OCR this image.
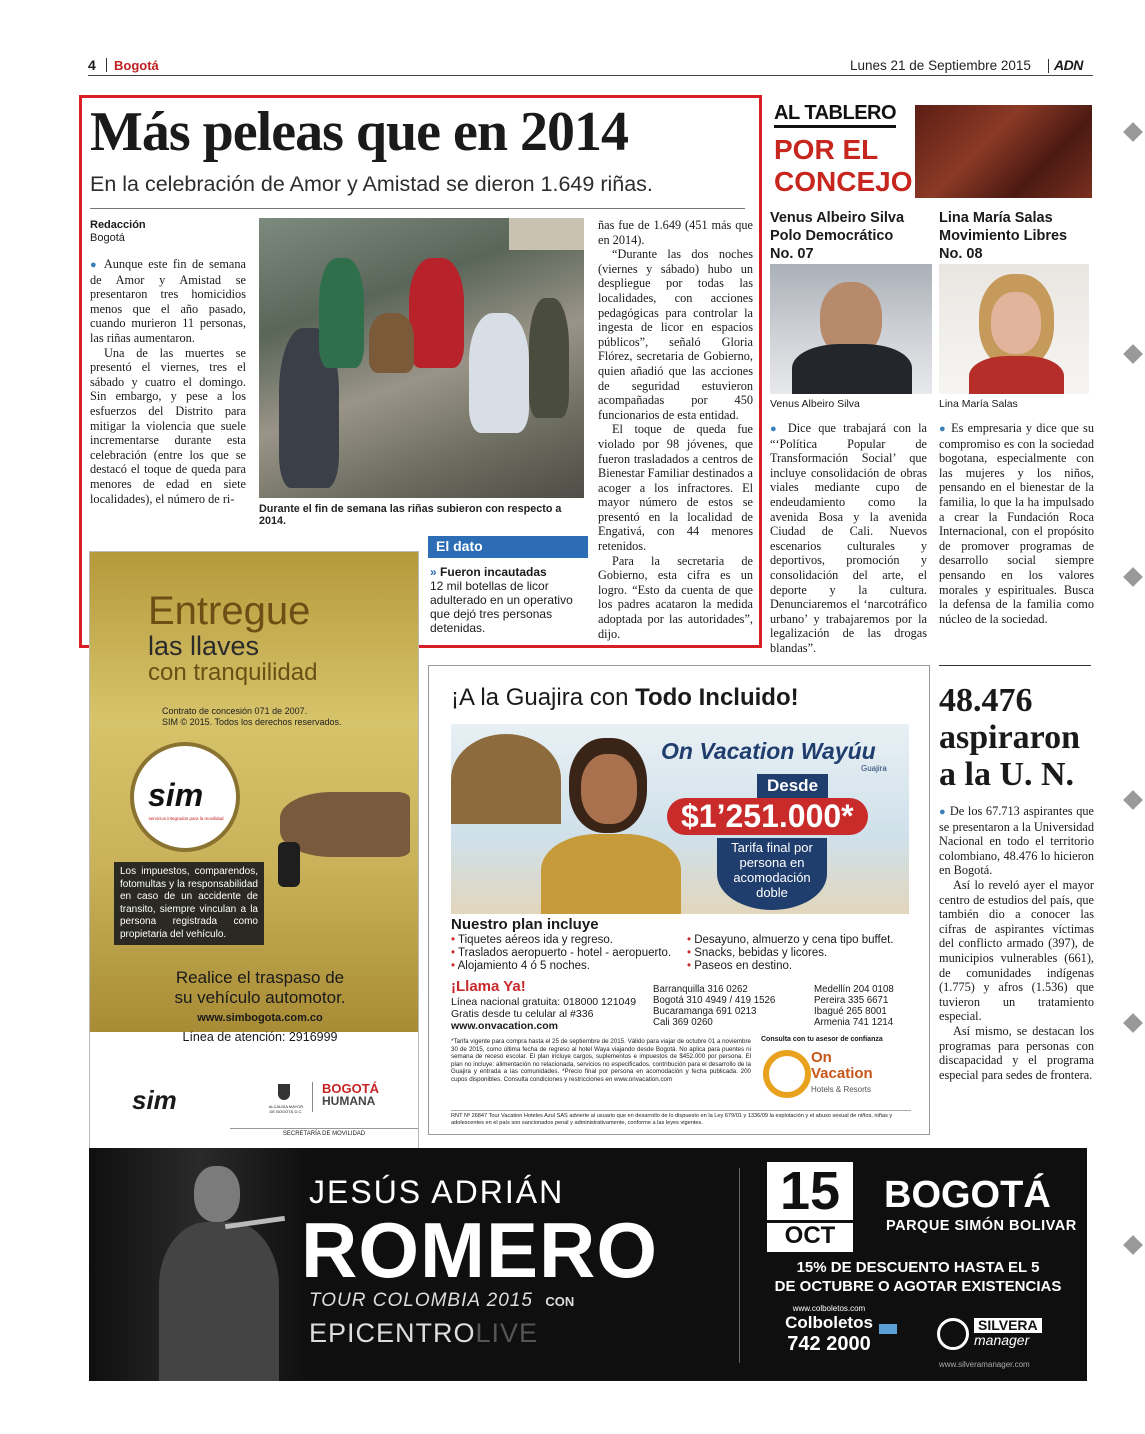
4 Bogotá	Lunes 21 de Septiembre 2015 ADN
Más peleas que en 2014
En la celebración de Amor y Amistad se dieron 1.649 riñas.
Redacción
Bogotá

● Aunque este fin de semana de Amor y Amistad se presentaron tres homicidios menos que el año pasado, cuando murieron 11 personas, las riñas aumentaron.

Una de las muertes se presentó el viernes, tres el sábado y cuatro el domingo. Sin embargo, y pese a los esfuerzos del Distrito para mitigar la violencia que suele incrementarse durante esta celebración (entre los que se destacó el toque de queda para menores de edad en siete localidades), el número de ri-

Durante el fin de semana las riñas subieron con respecto a 2014.

ñas fue de 1.649 (451 más que en 2014).

“Durante las dos noches (viernes y sábado) hubo un despliegue por todas las localidades, con acciones pedagógicas para controlar la ingesta de licor en espacios públicos”, señaló Gloria Flórez, secretaria de Gobierno, quien añadió que las acciones de seguridad estuvieron acompañadas por 450 funcionarios de esta entidad.

El toque de queda fue violado por 98 jóvenes, que fueron trasladados a centros de Bienestar Familiar destinados a acoger a los infractores. El mayor número de estos se presentó en la localidad de Engativá, con 44 menores retenidos.

Para la secretaria de Gobierno, esta cifra es un logro. “Esto da cuenta de que los padres acataron la medida adoptada por las autoridades”, dijo.

El dato
» Fueron incautadas
12 mil botellas de licor adulterado en un operativo que dejó tres personas detenidas.
AL TABLERO
POR EL
CONCEJO
Venus Albeiro Silva
Polo Democrático
No. 07
Lina María Salas
Movimiento Libres
No. 08
Venus Albeiro Silva	Lina María Salas
● Dice que trabajará con la “‘Política Popular de Transformación Social’ que incluye consolidación de obras viales mediante cupo de endeudamiento como la avenida Bosa y la avenida Ciudad de Cali. Nuevos escenarios culturales y deportivos, promoción y consolidación del arte, el deporte y la cultura. Denunciaremos el ‘narcotráfico urbano’ y trabajaremos por la legalización de las drogas blandas”.
● Es empresaria y dice que su compromiso es con la sociedad bogotana, especialmente con las mujeres y los niños, pensando en el bienestar de la familia, lo que la ha impulsado a crear la Fundación Roca Internacional, con el propósito de promover programas de desarrollo social siempre pensando en los valores morales y espirituales. Busca la defensa de la familia como núcleo de la sociedad.
48.476
aspiraron
a la U. N.

● De los 67.713 aspirantes que se presentaron a la Universidad Nacional en todo el territorio colombiano, 48.476 lo hicieron en Bogotá.

Así lo reveló ayer el mayor centro de estudios del país, que también dio a conocer las cifras de aspirantes víctimas del conflicto armado (397), de municipios vulnerables (661), de comunidades indígenas (1.775) y afros (1.536) que tuvieron un tratamiento especial.

Así mismo, se destacan los programas para personas con discapacidad y el programa especial para sedes de frontera.

Entregue
las llaves
con tranquilidad
Contrato de concesión 071 de 2007.
SIM © 2015. Todos los derechos reservados.
sim
servicios integrados para la movilidad
Los impuestos, comparendos, fotomultas y la responsabilidad en caso de un accidente de transito, siempre vinculan a la persona registrada como propietaria del vehículo.
Realice el traspaso de
su vehículo automotor.
www.simbogota.com.co
Línea de atención: 2916999
sim	ALCALDÍA MAYOR DE BOGOTÁ D.C.
BOGOTÁ
HUMANA
SECRETARÍA DE MOVILIDAD
¡A la Guajira con Todo Incluido!
On Vacation Wayúu
Guajira
Desde
$1’251.000*
Tarifa final por persona en acomodación doble
Nuestro plan incluye
• Tiquetes aéreos ida y regreso.
• Traslados aeropuerto - hotel - aeropuerto.
• Alojamiento 4 ó 5 noches.
• Desayuno, almuerzo y cena tipo buffet.
• Snacks, bebidas y licores.
• Paseos en destino.
¡Llama Ya!
Línea nacional gratuita: 018000 121049
Gratis desde tu celular al #336
www.onvacation.com
Barranquilla 316 0262
Bogotá 310 4949 / 419 1526
Bucaramanga 691 0213
Cali 369 0260
Medellín 204 0108
Pereira 335 6671
Ibagué 265 8001
Armenia 741 1214
*Tarifa vigente para compra hasta el 25 de septiembre de 2015. Válido para viajar de octubre 01 a noviembre 30 de 2015, como última fecha de regreso al hotel Waya viajando desde Bogotá. No aplica para puentes ni semana de receso escolar. El plan incluye cargos, suplementos e impuestos de $452.000 por persona. El plan no incluye: alimentación no relacionada, servicios no especificados, contribución para el desarrollo de la Guajira y entrada a las comunidades. *Precio final por persona en acomodación y fecha publicada. 200 cupos disponibles. Consulta condiciones y restricciones en www.onvacation.com
Consulta con tu asesor de confianza
On
Vacation
Hotels & Resorts
RNT Nº 26847 Tour Vacation Hoteles Azul SAS advierte al usuario que en desarrollo de lo dispuesto en la Ley 679/01 y 1336/09 la explotación y el abuso sexual de niños, niñas y adolescentes en el país son sancionados penal y administrativamente, conforme a las leyes vigentes.
JESÚS ADRIÁN
ROMERO
TOUR COLOMBIA 2015 CON
EPICENTROLIVE
15
OCT
BOGOTÁ
PARQUE SIMÓN BOLIVAR
15% DE DESCUENTO HASTA EL 5
DE OCTUBRE O AGOTAR EXISTENCIAS
www.colboletos.com
Colboletos
742 2000
SILVERA
manager
www.silveramanager.com
